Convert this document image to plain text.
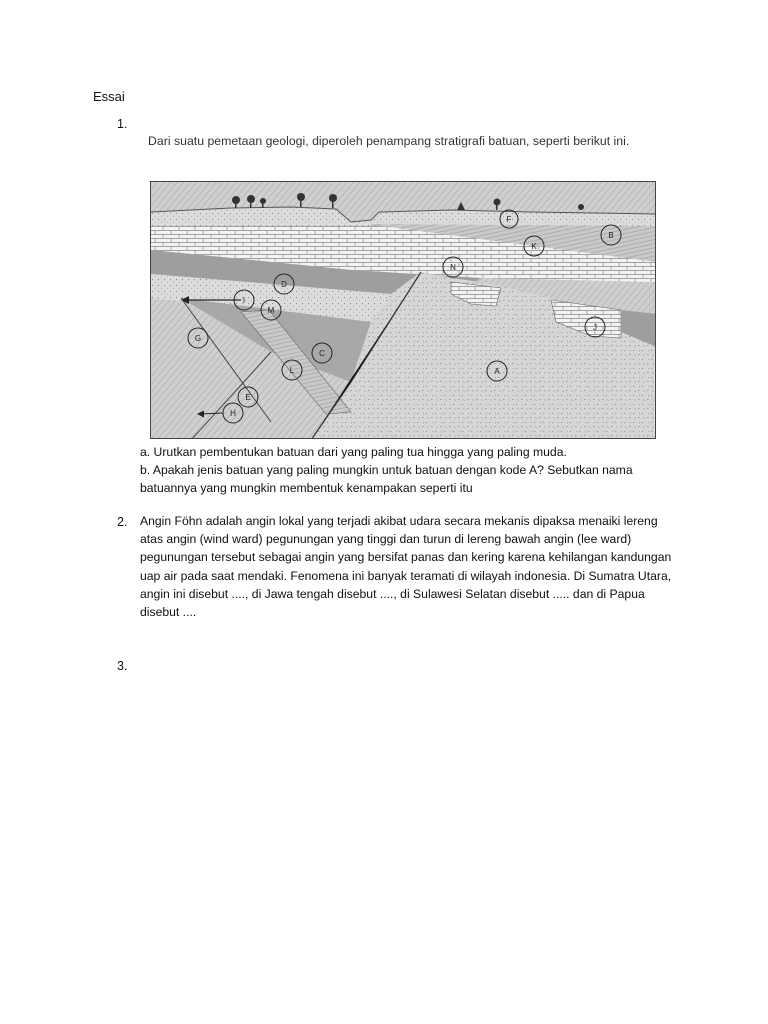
Essai
1.
Dari suatu pemetaan geologi, diperoleh penampang stratigrafi batuan, seperti berikut ini.
F
B
K
N
D
I
M
G
C
L	A
J
E
H

a. Urutkan pembentukan batuan dari yang paling tua hingga yang paling muda.

b. Apakah jenis batuan yang paling mungkin untuk batuan dengan kode A? Sebutkan nama batuannya yang mungkin membentuk kenampakan seperti itu

2. Angin Föhn adalah angin lokal yang terjadi akibat udara secara mekanis dipaksa menaiki lereng atas angin (wind ward) pegunungan yang tinggi dan turun di lereng bawah angin (lee ward) pegunungan tersebut sebagai angin yang bersifat panas dan kering karena kehilangan kandungan uap air pada saat mendaki. Fenomena ini banyak teramati di wilayah indonesia. Di Sumatra Utara, angin ini disebut ...., di Jawa tengah disebut ...., di Sulawesi Selatan disebut ..... dan di Papua disebut ....

3.
